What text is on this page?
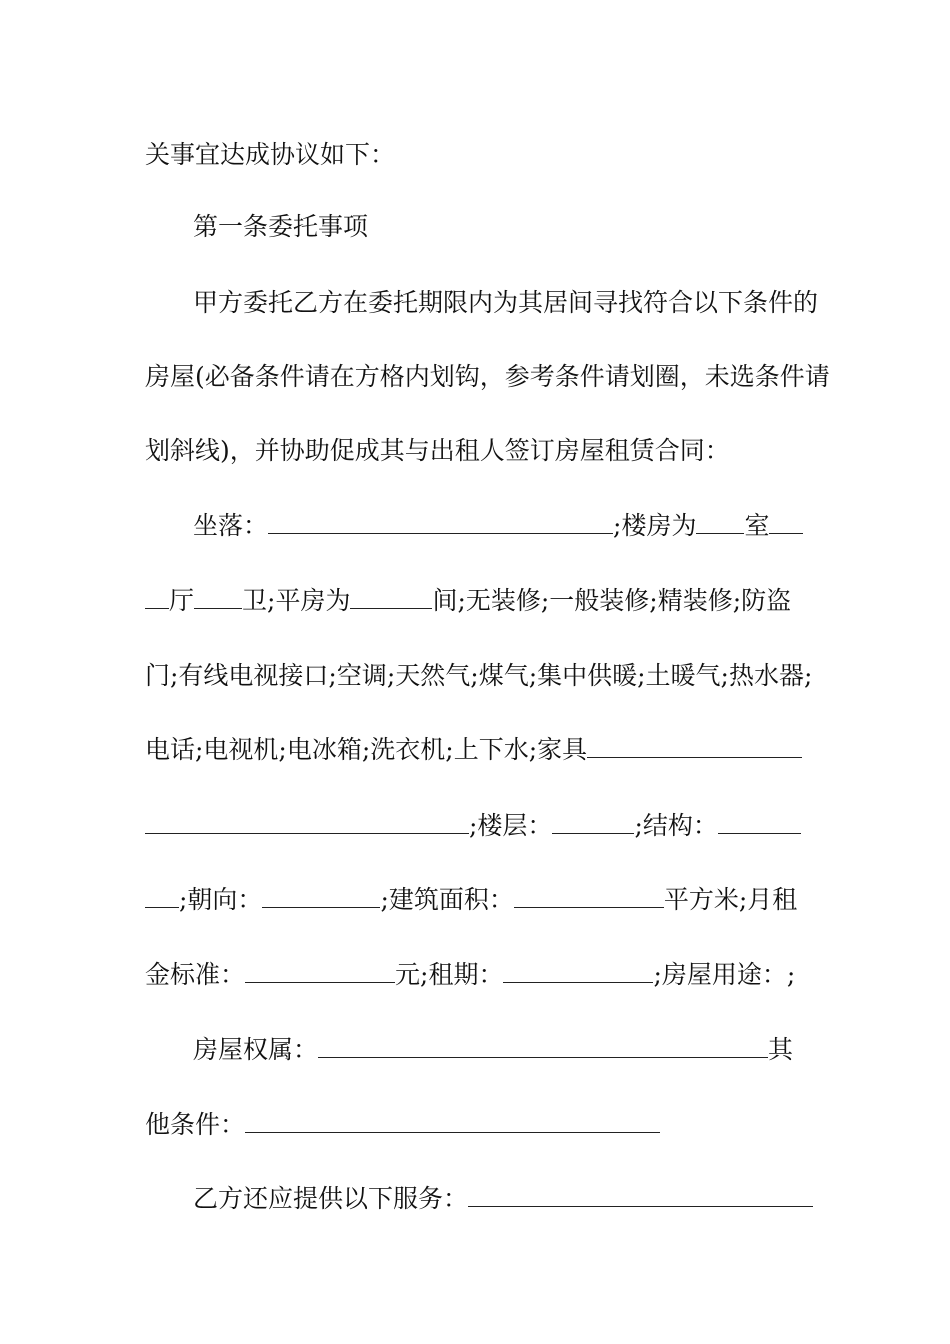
关事宜达成协议如下：
第一条委托事项
甲方委托乙方在委托期限内为其居间寻找符合以下条件的
房屋(必备条件请在方格内划钩，参考条件请划圈，未选条件请
划斜线)，并协助促成其与出租人签订房屋租赁合同：
坐落：	;楼房为 室
厅 卫;平房为	间;无装修;一般装修;精装修;防盗
门;有线电视接口;空调;天然气;煤气;集中供暖;土暖气;热水器;
电话;电视机;电冰箱;洗衣机;上下水;家具
;楼层：	;结构：
;朝向：	;建筑面积：	平方米;月租
金标准：	元;租期：	;房屋用途：;
房屋权属：	其
他条件：
乙方还应提供以下服务：
